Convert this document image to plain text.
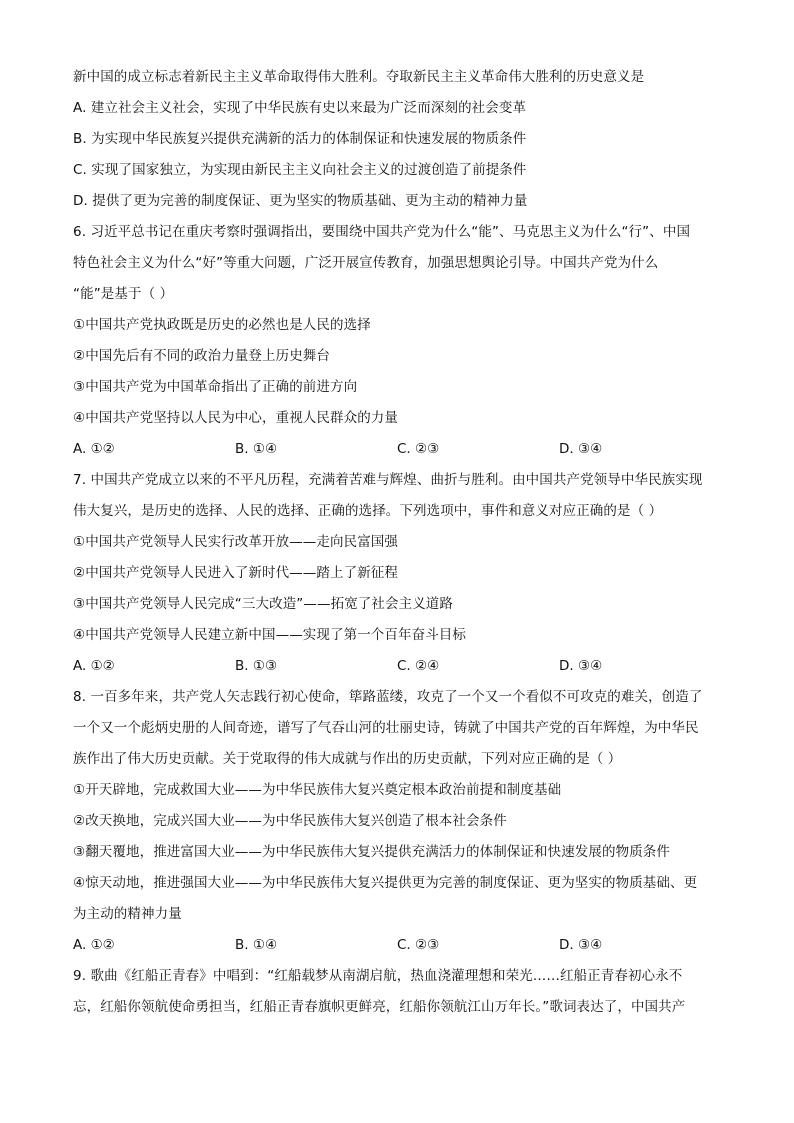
新中国的成立标志着新民主主义革命取得伟大胜利。夺取新民主主义革命伟大胜利的历史意义是
A. 建立社会主义社会，实现了中华民族有史以来最为广泛而深刻的社会变革
B. 为实现中华民族复兴提供充满新的活力的体制保证和快速发展的物质条件
C. 实现了国家独立，为实现由新民主主义向社会主义的过渡创造了前提条件
D. 提供了更为完善的制度保证、更为坚实的物质基础、更为主动的精神力量
6. 习近平总书记在重庆考察时强调指出，要围绕中国共产党为什么“能”、马克思主义为什么“行”、中国
特色社会主义为什么“好”等重大问题，广泛开展宣传教育，加强思想舆论引导。中国共产党为什么
“能”是基于（ ）
①中国共产党执政既是历史的必然也是人民的选择
②中国先后有不同的政治力量登上历史舞台
③中国共产党为中国革命指出了正确的前进方向
④中国共产党坚持以人民为中心，重视人民群众的力量
A. ①②	B. ①④	C. ②③	D. ③④
7. 中国共产党成立以来的不平凡历程，充满着苦难与辉煌、曲折与胜利。由中国共产党领导中华民族实现
伟大复兴，是历史的选择、人民的选择、正确的选择。下列选项中，事件和意义对应正确的是（ ）
①中国共产党领导人民实行改革开放——走向民富国强
②中国共产党领导人民进入了新时代——踏上了新征程
③中国共产党领导人民完成“三大改造”——拓宽了社会主义道路
④中国共产党领导人民建立新中国——实现了第一个百年奋斗目标
A. ①②	B. ①③	C. ②④	D. ③④
8. 一百多年来，共产党人矢志践行初心使命，筚路蓝缕，攻克了一个又一个看似不可攻克的难关，创造了
一个又一个彪炳史册的人间奇迹，谱写了气吞山河的壮丽史诗，铸就了中国共产党的百年辉煌，为中华民
族作出了伟大历史贡献。关于党取得的伟大成就与作出的历史贡献，下列对应正确的是（ ）
①开天辟地，完成救国大业——为中华民族伟大复兴奠定根本政治前提和制度基础
②改天换地，完成兴国大业——为中华民族伟大复兴创造了根本社会条件
③翻天覆地，推进富国大业——为中华民族伟大复兴提供充满活力的体制保证和快速发展的物质条件
④惊天动地，推进强国大业——为中华民族伟大复兴提供更为完善的制度保证、更为坚实的物质基础、更
为主动的精神力量
A. ①②	B. ①④	C. ②③	D. ③④
9. 歌曲《红船正青春》中唱到：“红船载梦从南湖启航，热血浇灌理想和荣光……红船正青春初心永不
忘，红船你领航使命勇担当，红船正青春旗帜更鲜亮，红船你领航江山万年长。”歌词表达了，中国共产
